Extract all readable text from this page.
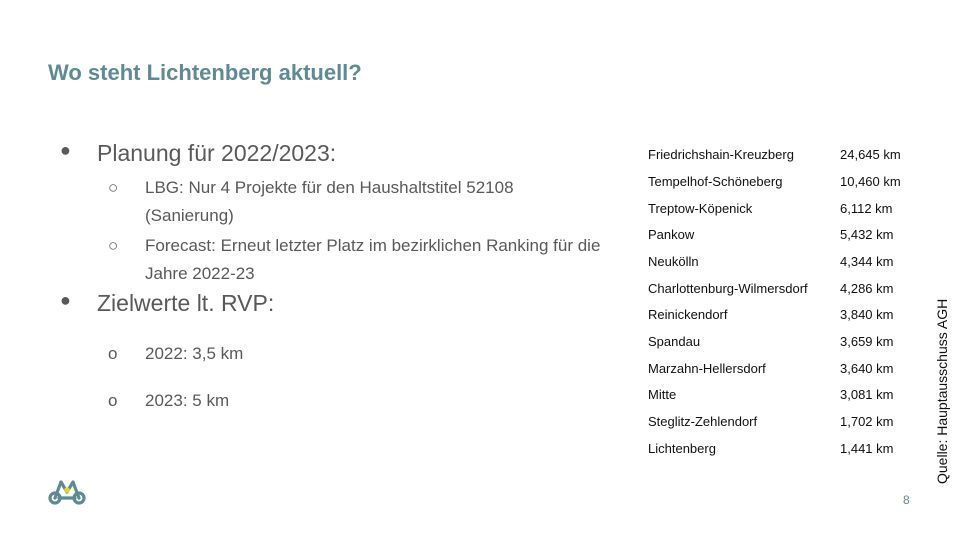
Wo steht Lichtenberg aktuell?
● Planung für 2022/2023:
○ LBG: Nur 4 Projekte für den Haushaltstitel 52108 (Sanierung)
○ Forecast: Erneut letzter Platz im bezirklichen Ranking für die Jahre 2022-23
● Zielwerte lt. RVP:
o 2022: 3,5 km
o 2023: 5 km
Friedrichshain-Kreuzberg	24,645 km
Tempelhof-Schöneberg	10,460 km
Treptow-Köpenick	6,112 km
Pankow	5,432 km
Neukölln	4,344 km
Charlottenburg-Wilmersdorf	4,286 km
Reinickendorf	3,840 km
Spandau	3,659 km
Marzahn-Hellersdorf	3,640 km
Mitte	3,081 km
Steglitz-Zehlendorf	1,702 km
Lichtenberg	1,441 km	Quelle: Hauptausschuss AGH
8
